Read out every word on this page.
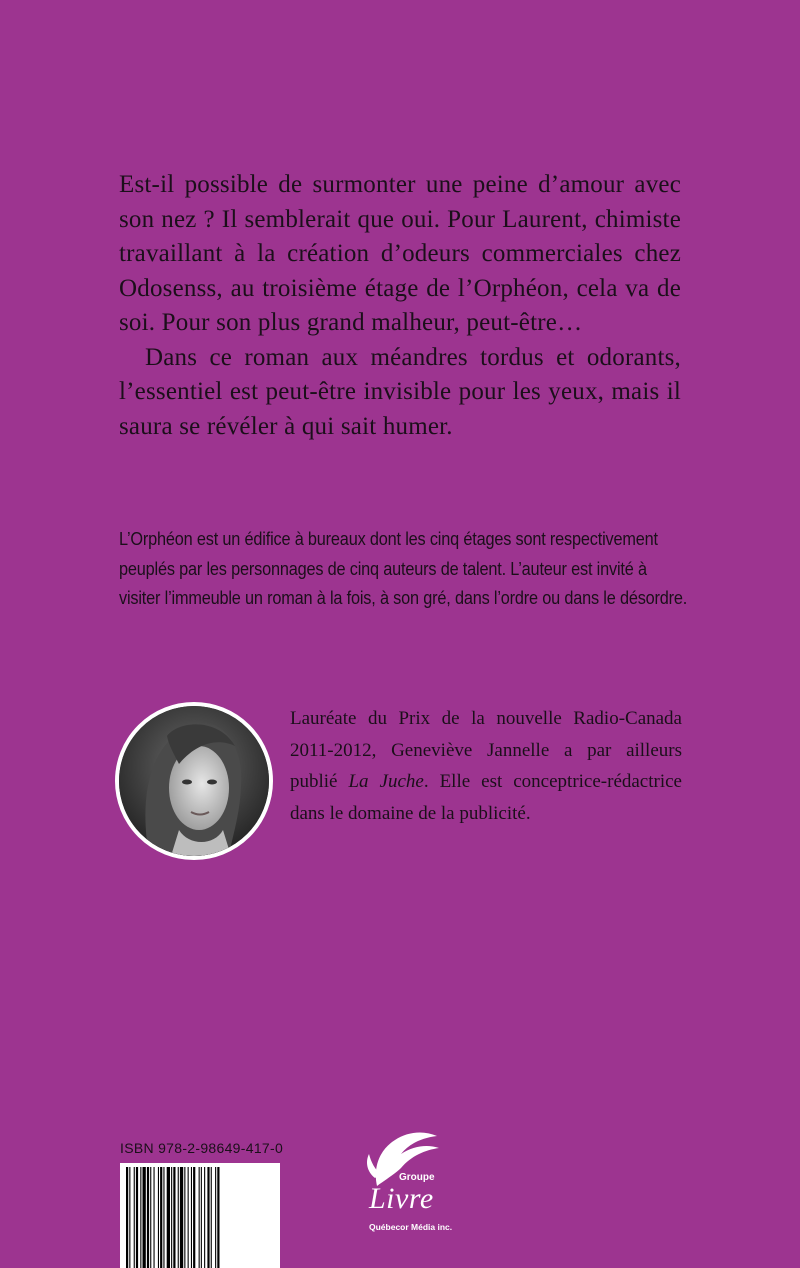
Est-il possible de surmonter une peine d’amour avec son nez ? Il semblerait que oui. Pour Laurent, chimiste travaillant à la création d’odeurs commerciales chez Odosenss, au troisième étage de l’Orphéon, cela va de soi. Pour son plus grand malheur, peut-être…

Dans ce roman aux méandres tordus et odorants, l’essentiel est peut-être invisible pour les yeux, mais il saura se révéler à qui sait humer.

L’Orphéon est un édifice à bureaux dont les cinq étages sont respectivement peuplés par les personnages de cinq auteurs de talent. L’auteur est invité à visiter l’immeuble un roman à la fois, à son gré, dans l’ordre ou dans le désordre.

Lauréate du Prix de la nouvelle Radio-Canada 2011-2012, Geneviève Jannelle a par ailleurs publié La Juche. Elle est conceptrice-rédactrice dans le domaine de la publicité.

ISBN 978-2-98649-417-0
Groupe
Livre
Québecor Média inc.
